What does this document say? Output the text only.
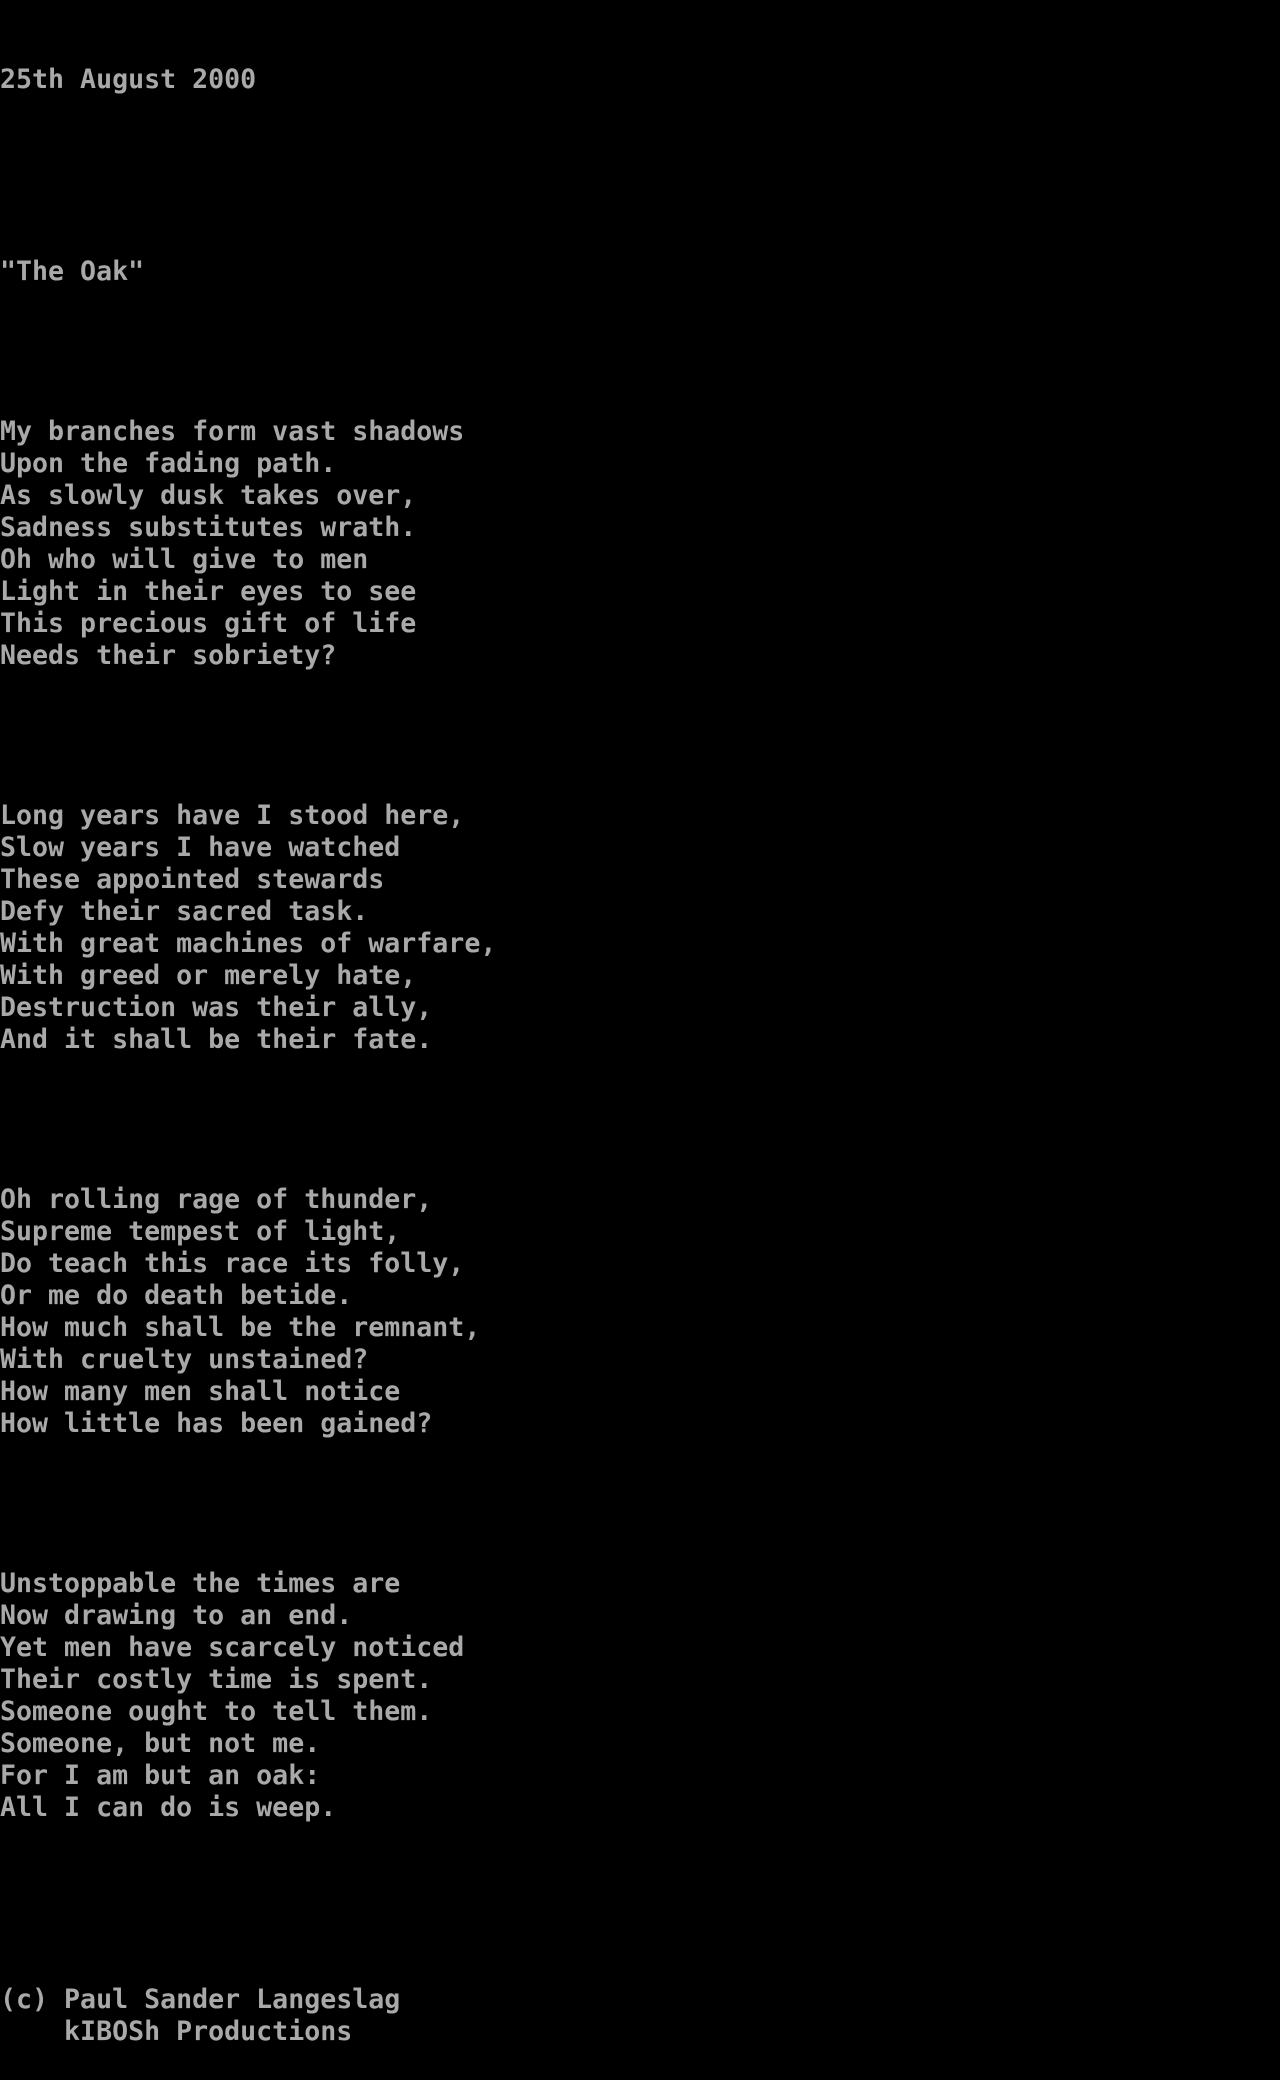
25th August 2000

"The Oak"

My branches form vast shadows
Upon the fading path.
As slowly dusk takes over,
Sadness substitutes wrath.
Oh who will give to men
Light in their eyes to see
This precious gift of life
Needs their sobriety?

Long years have I stood here,
Slow years I have watched
These appointed stewards
Defy their sacred task.
With great machines of warfare,
With greed or merely hate,
Destruction was their ally,
And it shall be their fate.

Oh rolling rage of thunder,
Supreme tempest of light,
Do teach this race its folly,
Or me do death betide.
How much shall be the remnant,
With cruelty unstained?
How many men shall notice
How little has been gained?

Unstoppable the times are
Now drawing to an end.
Yet men have scarcely noticed
Their costly time is spent.
Someone ought to tell them.
Someone, but not me.
For I am but an oak:
All I can do is weep.

(c) Paul Sander Langeslag
kIBOSh Productions
